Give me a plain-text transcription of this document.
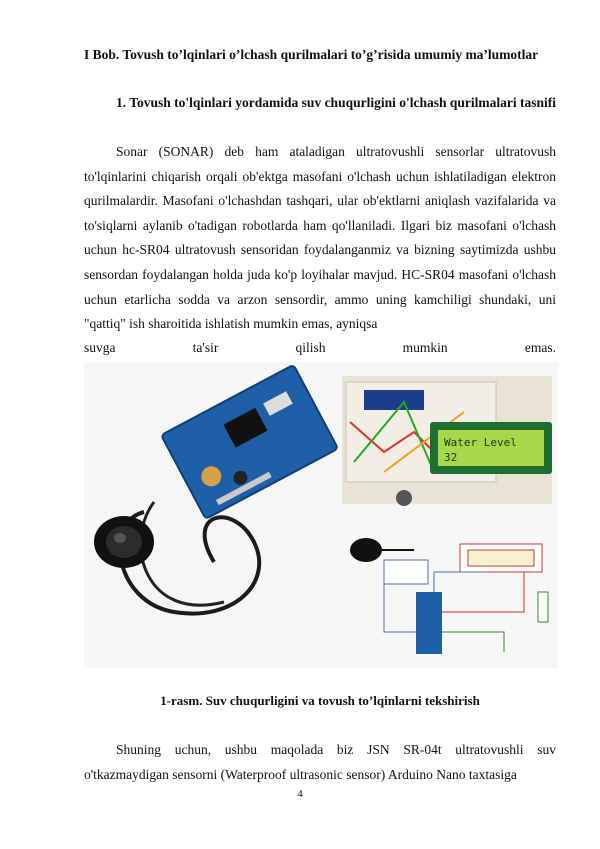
I Bob. Tovush to’lqinlari o’lchash qurilmalari to’g’risida umumiy ma’lumotlar
1. Tovush to'lqinlari yordamida suv chuqurligini o'lchash qurilmalari tasnifi
Sonar (SONAR) deb ham ataladigan ultratovushli sensorlar ultratovush to'lqinlarini chiqarish orqali ob'ektga masofani o'lchash uchun ishlatiladigan elektron qurilmalardir. Masofani o'lchashdan tashqari, ular ob'ektlarni aniqlash vazifalarida va to'siqlarni aylanib o'tadigan robotlarda ham qo'llaniladi. Ilgari biz masofani o'lchash uchun hc-SR04 ultratovush sensoridan foydalanganmiz va bizning saytimizda ushbu sensordan foydalangan holda juda ko'p loyihalar mavjud. HC-SR04 masofani o'lchash uchun etarlicha sodda va arzon sensordir, ammo uning kamchiligi shundaki, uni "qattiq" ish sharoitida ishlatish mumkin emas, ayniqsa
suvga	ta'sir	qilish	mumkin	emas.
Water Level
32
1-rasm. Suv chuqurligini va tovush to’lqinlarni tekshirish
Shuning uchun, ushbu maqolada biz JSN SR-04t ultratovushli suv o'tkazmaydigan sensorni (Waterproof ultrasonic sensor) Arduino Nano taxtasiga
4
